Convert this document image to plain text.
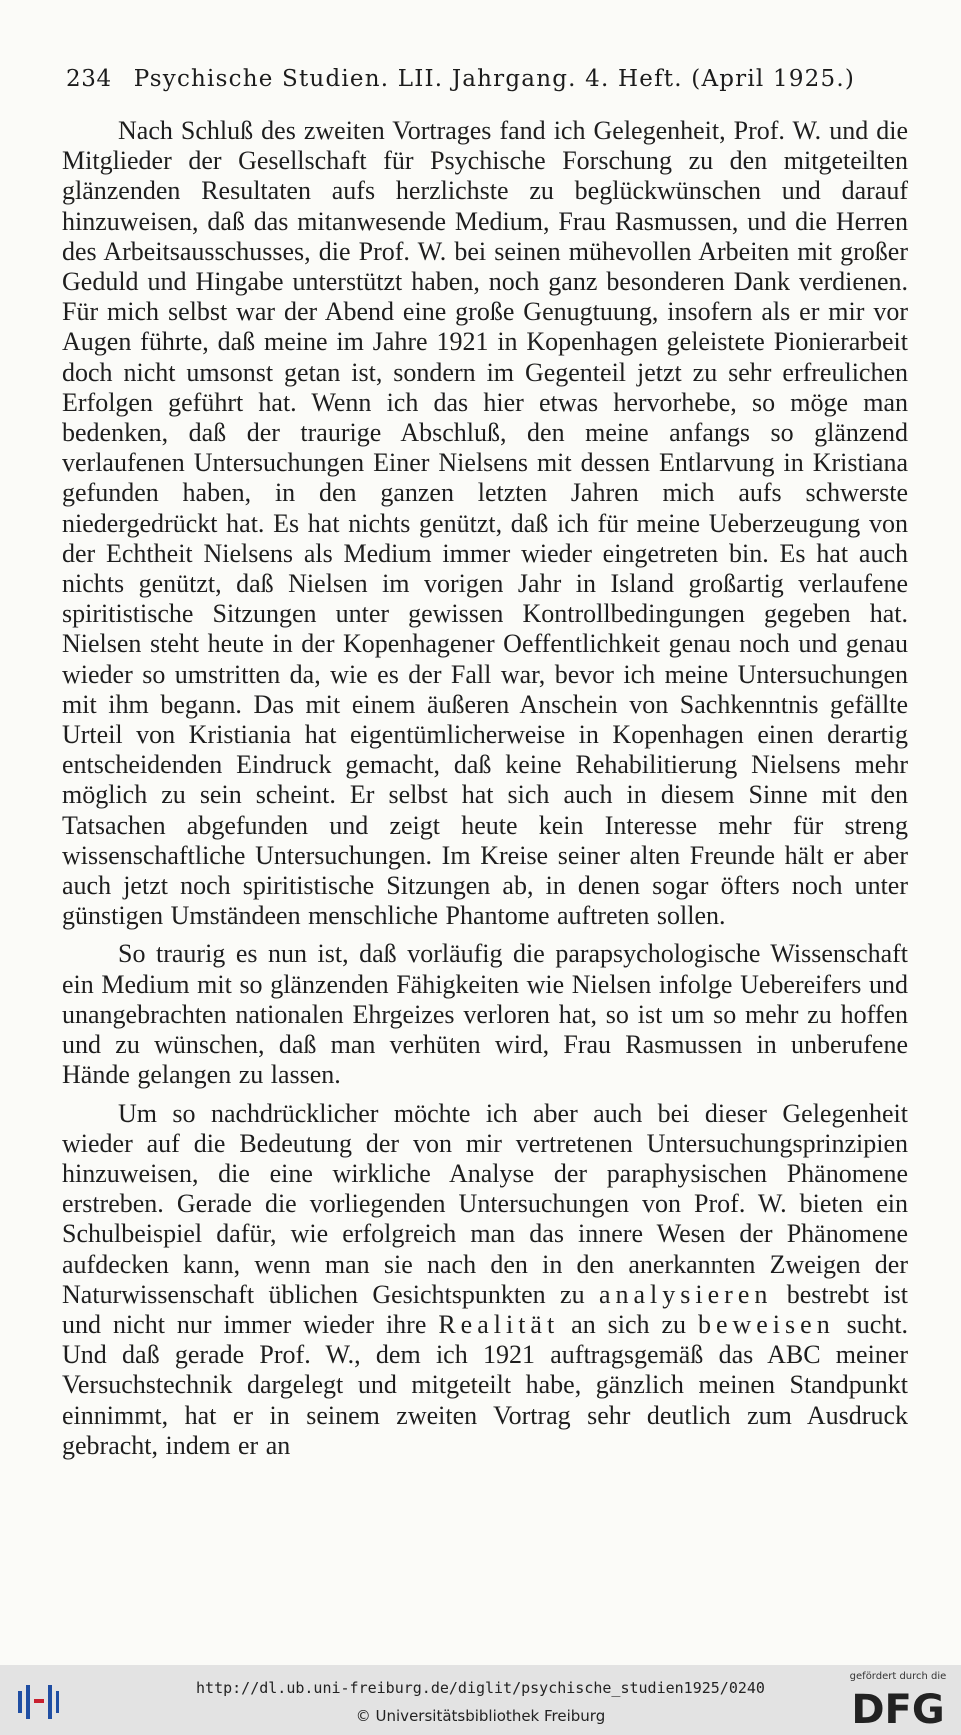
234 Psychische Studien. LII. Jahrgang. 4. Heft. (April 1925.)

Nach Schluß des zweiten Vortrages fand ich Gelegenheit, Prof. W. und die Mitglieder der Gesellschaft für Psychische Forschung zu den mitgeteilten glänzenden Resultaten aufs herzlichste zu beglückwünschen und darauf hinzuweisen, daß das mitanwesende Medium, Frau Rasmussen, und die Herren des Arbeitsausschusses, die Prof. W. bei seinen mühevollen Arbeiten mit großer Geduld und Hingabe unterstützt haben, noch ganz besonderen Dank verdienen. Für mich selbst war der Abend eine große Genugtuung, insofern als er mir vor Augen führte, daß meine im Jahre 1921 in Kopenhagen geleistete Pionierarbeit doch nicht umsonst getan ist, sondern im Gegenteil jetzt zu sehr erfreulichen Erfolgen geführt hat. Wenn ich das hier etwas hervorhebe, so möge man bedenken, daß der traurige Abschluß, den meine anfangs so glänzend verlaufenen Untersuchungen Einer Nielsens mit dessen Entlarvung in Kristiana gefunden haben, in den ganzen letzten Jahren mich aufs schwerste niedergedrückt hat. Es hat nichts genützt, daß ich für meine Ueberzeugung von der Echtheit Nielsens als Medium immer wieder eingetreten bin. Es hat auch nichts genützt, daß Nielsen im vorigen Jahr in Island großartig verlaufene spiritistische Sitzungen unter gewissen Kontrollbedingungen gegeben hat. Nielsen steht heute in der Kopenhagener Oeffentlichkeit genau noch und genau wieder so umstritten da, wie es der Fall war, bevor ich meine Untersuchungen mit ihm begann. Das mit einem äußeren Anschein von Sachkenntnis gefällte Urteil von Kristiania hat eigentümlicherweise in Kopenhagen einen derartig entscheidenden Eindruck gemacht, daß keine Rehabilitierung Nielsens mehr möglich zu sein scheint. Er selbst hat sich auch in diesem Sinne mit den Tatsachen abgefunden und zeigt heute kein Interesse mehr für streng wissenschaftliche Untersuchungen. Im Kreise seiner alten Freunde hält er aber auch jetzt noch spiritistische Sitzungen ab, in denen sogar öfters noch unter günstigen Umständeen menschliche Phantome auftreten sollen.

So traurig es nun ist, daß vorläufig die parapsychologische Wissenschaft ein Medium mit so glänzenden Fähigkeiten wie Nielsen infolge Uebereifers und unangebrachten nationalen Ehrgeizes verloren hat, so ist um so mehr zu hoffen und zu wünschen, daß man verhüten wird, Frau Rasmussen in unberufene Hände gelangen zu lassen.

Um so nachdrücklicher möchte ich aber auch bei dieser Gelegenheit wieder auf die Bedeutung der von mir vertretenen Untersuchungsprinzipien hinzuweisen, die eine wirkliche Analyse der paraphysischen Phänomene erstreben. Gerade die vorliegenden Untersuchungen von Prof. W. bieten ein Schulbeispiel dafür, wie erfolgreich man das innere Wesen der Phänomene aufdecken kann, wenn man sie nach den in den anerkannten Zweigen der Naturwissenschaft üblichen Gesichtspunkten zu analysieren bestrebt ist und nicht nur immer wieder ihre Realität an sich zu beweisen sucht. Und daß gerade Prof. W., dem ich 1921 auftragsgemäß das ABC meiner Versuchstechnik dargelegt und mitgeteilt habe, gänzlich meinen Standpunkt einnimmt, hat er in seinem zweiten Vortrag sehr deutlich zum Ausdruck gebracht, indem er an

http://dl.ub.uni-freiburg.de/diglit/psychische_studien1925/0240
© Universitätsbibliothek Freiburg
gefördert durch die
DFG
